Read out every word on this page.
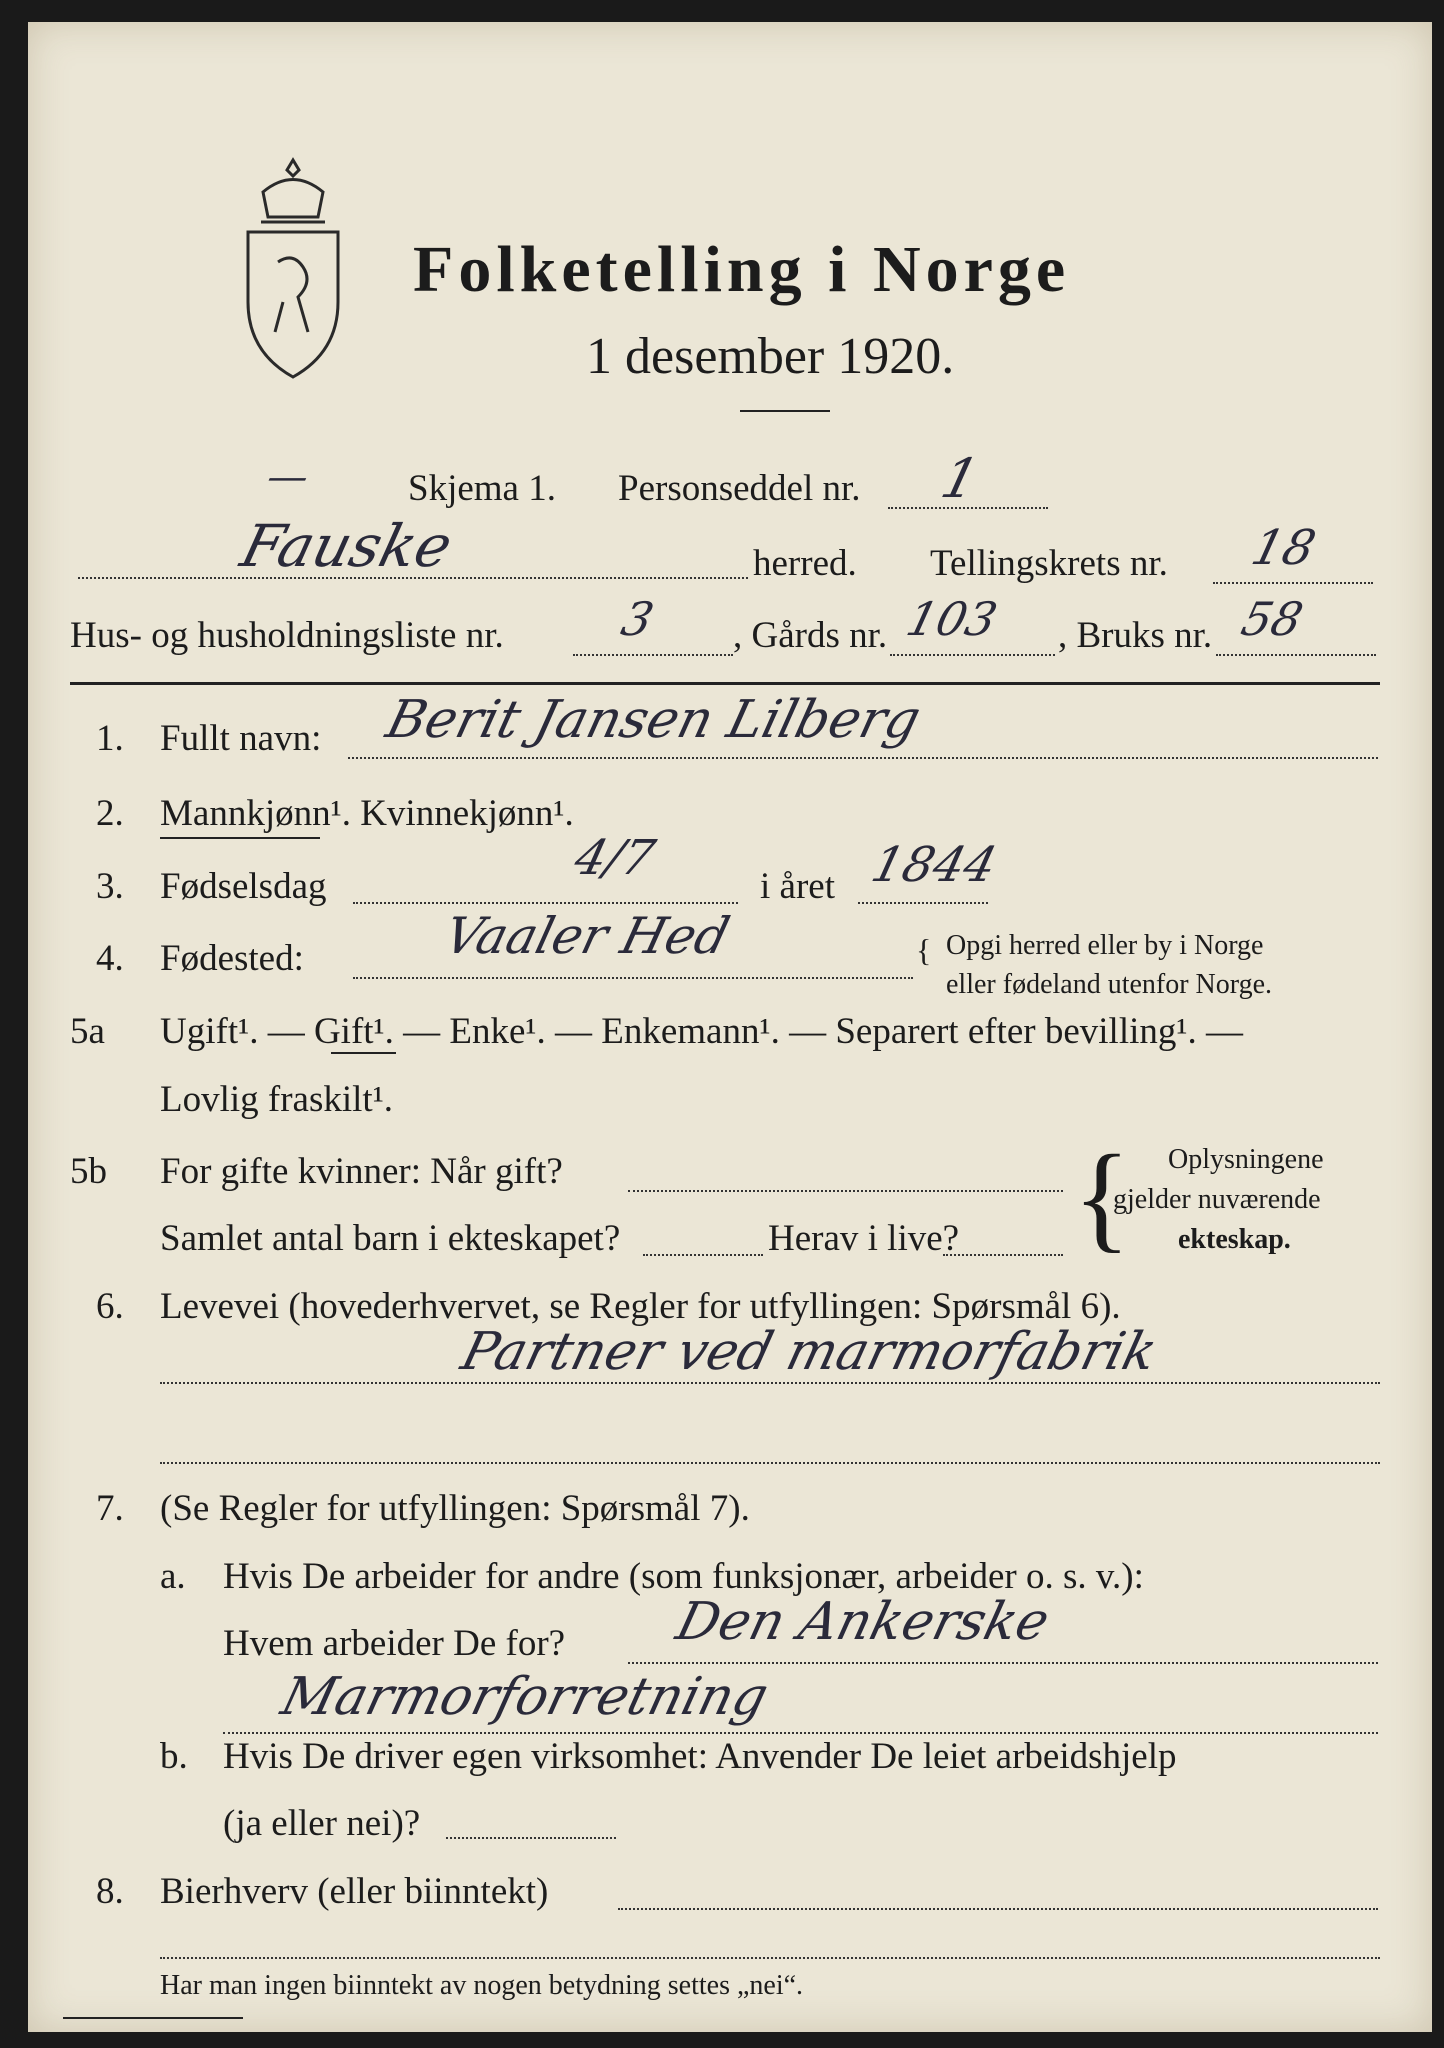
Folketelling i Norge
1 desember 1920.
—	Skjema 1. Personseddel nr. 1
Fauske	herred. Tellingskrets nr. 18
Hus- og husholdningsliste nr. 3 , Gårds nr. 103 , Bruks nr. 58
1. Fullt navn: Berit Jansen Lilberg
2. Mannkjønn¹. Kvinnekjønn¹.
3. Fødselsdag
4/7
i året 1844
4. Fødested:	Vaaler Hed	{ Opgi herred eller by i Norge
eller fødeland utenfor Norge.
5a Ugift¹. — Gift¹. — Enke¹. — Enkemann¹. — Separert efter bevilling¹. —
Lovlig fraskilt¹.
5b For gifte kvinner: Når gift?
Samlet antal barn i ekteskapet?	Herav i live? { Oplysningene
gjelder nuværende
ekteskap.
6. Levevei (hovederhvervet, se Regler for utfyllingen: Spørsmål 6).
Partner ved marmorfabrik
7. (Se Regler for utfyllingen: Spørsmål 7).
a. Hvis De arbeider for andre (som funksjonær, arbeider o. s. v.):
Hvem arbeider De for? Den Ankerske
Marmorforretning
b. Hvis De driver egen virksomhet: Anvender De leiet arbeidshjelp
(ja eller nei)?
8. Bierhverv (eller biinntekt)
Har man ingen biinntekt av nogen betydning settes „nei“.
